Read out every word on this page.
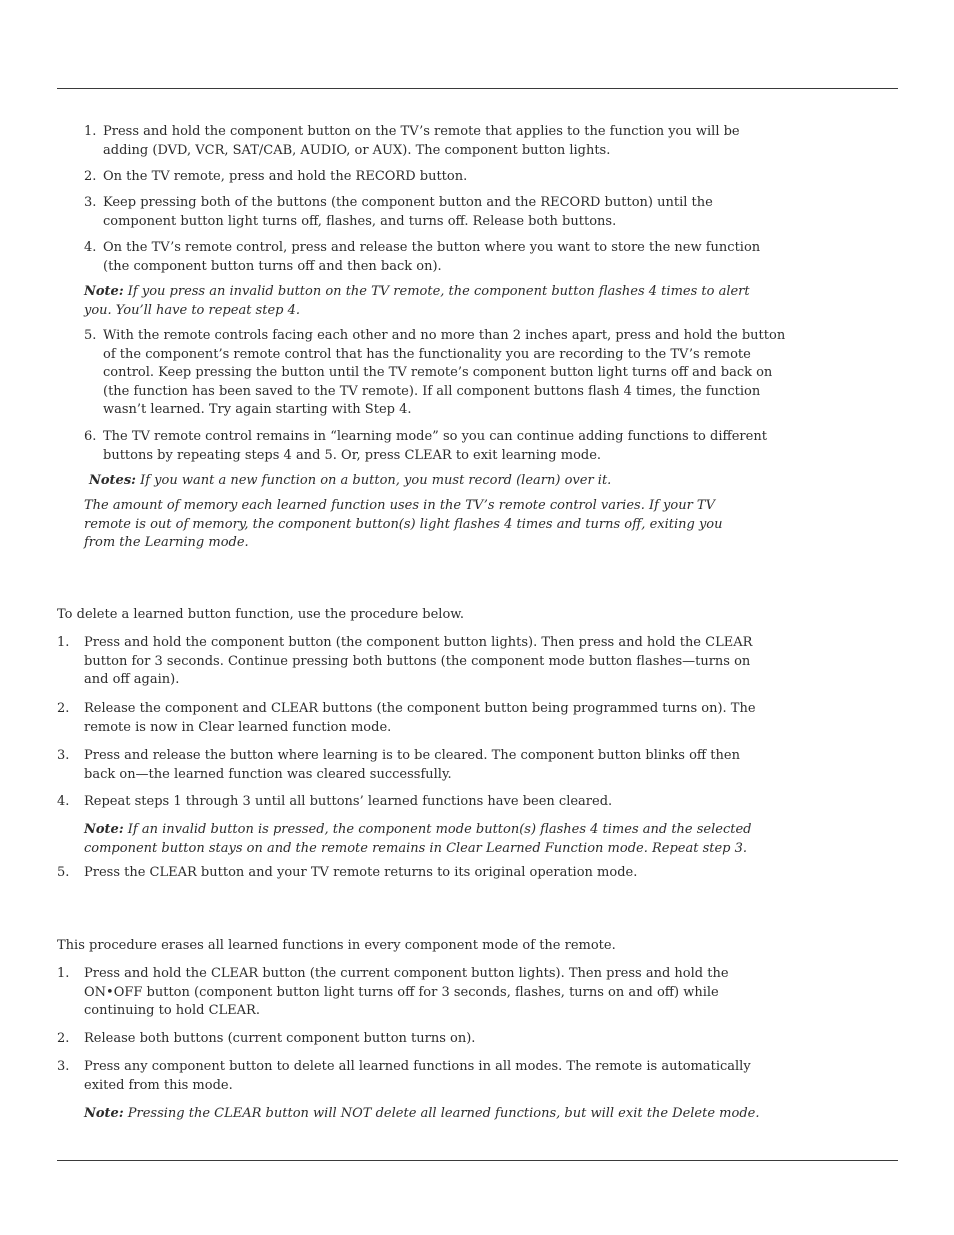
1. Press and hold the component button on the TV’s remote that applies to the function you will be adding (DVD, VCR, SAT/CAB, AUDIO, or AUX). The component button lights.
2. On the TV remote, press and hold the RECORD button.
3. Keep pressing both of the buttons (the component button and the RECORD button) until the component button light turns off, flashes, and turns off. Release both buttons.
4. On the TV’s remote control, press and release the button where you want to store the new function (the component button turns off and then back on).
Note: If you press an invalid button on the TV remote, the component button flashes 4 times to alert you. You’ll have to repeat step 4.
5. With the remote controls facing each other and no more than 2 inches apart, press and hold the button of the component’s remote control that has the functionality you are recording to the TV’s remote control. Keep pressing the button until the TV remote’s component button light turns off and back on (the function has been saved to the TV remote). If all component buttons flash 4 times, the function wasn’t learned. Try again starting with Step 4.
6. The TV remote control remains in “learning mode” so you can continue adding functions to different buttons by repeating steps 4 and 5. Or, press CLEAR to exit learning mode.
Notes: If you want a new function on a button, you must record (learn) over it.
The amount of memory each learned function uses in the TV’s remote control varies. If your TV remote is out of memory, the component button(s) light flashes 4 times and turns off, exiting you from the Learning mode.
To delete a learned button function, use the procedure below.
1. Press and hold the component button (the component button lights). Then press and hold the CLEAR button for 3 seconds. Continue pressing both buttons (the component mode button flashes—turns on and off again).
2. Release the component and CLEAR buttons (the component button being programmed turns on). The remote is now in Clear learned function mode.
3. Press and release the button where learning is to be cleared. The component button blinks off then back on—the learned function was cleared successfully.
4. Repeat steps 1 through 3 until all buttons’ learned functions have been cleared.
Note: If an invalid button is pressed, the component mode button(s) flashes 4 times and the selected component button stays on and the remote remains in Clear Learned Function mode. Repeat step 3.
5. Press the CLEAR button and your TV remote returns to its original operation mode.
This procedure erases all learned functions in every component mode of the remote.
1. Press and hold the CLEAR button (the current component button lights). Then press and hold the ON•OFF button (component button light turns off for 3 seconds, flashes, turns on and off) while continuing to hold CLEAR.
2. Release both buttons (current component button turns on).
3. Press any component button to delete all learned functions in all modes. The remote is automatically exited from this mode.
Note: Pressing the CLEAR button will NOT delete all learned functions, but will exit the Delete mode.
